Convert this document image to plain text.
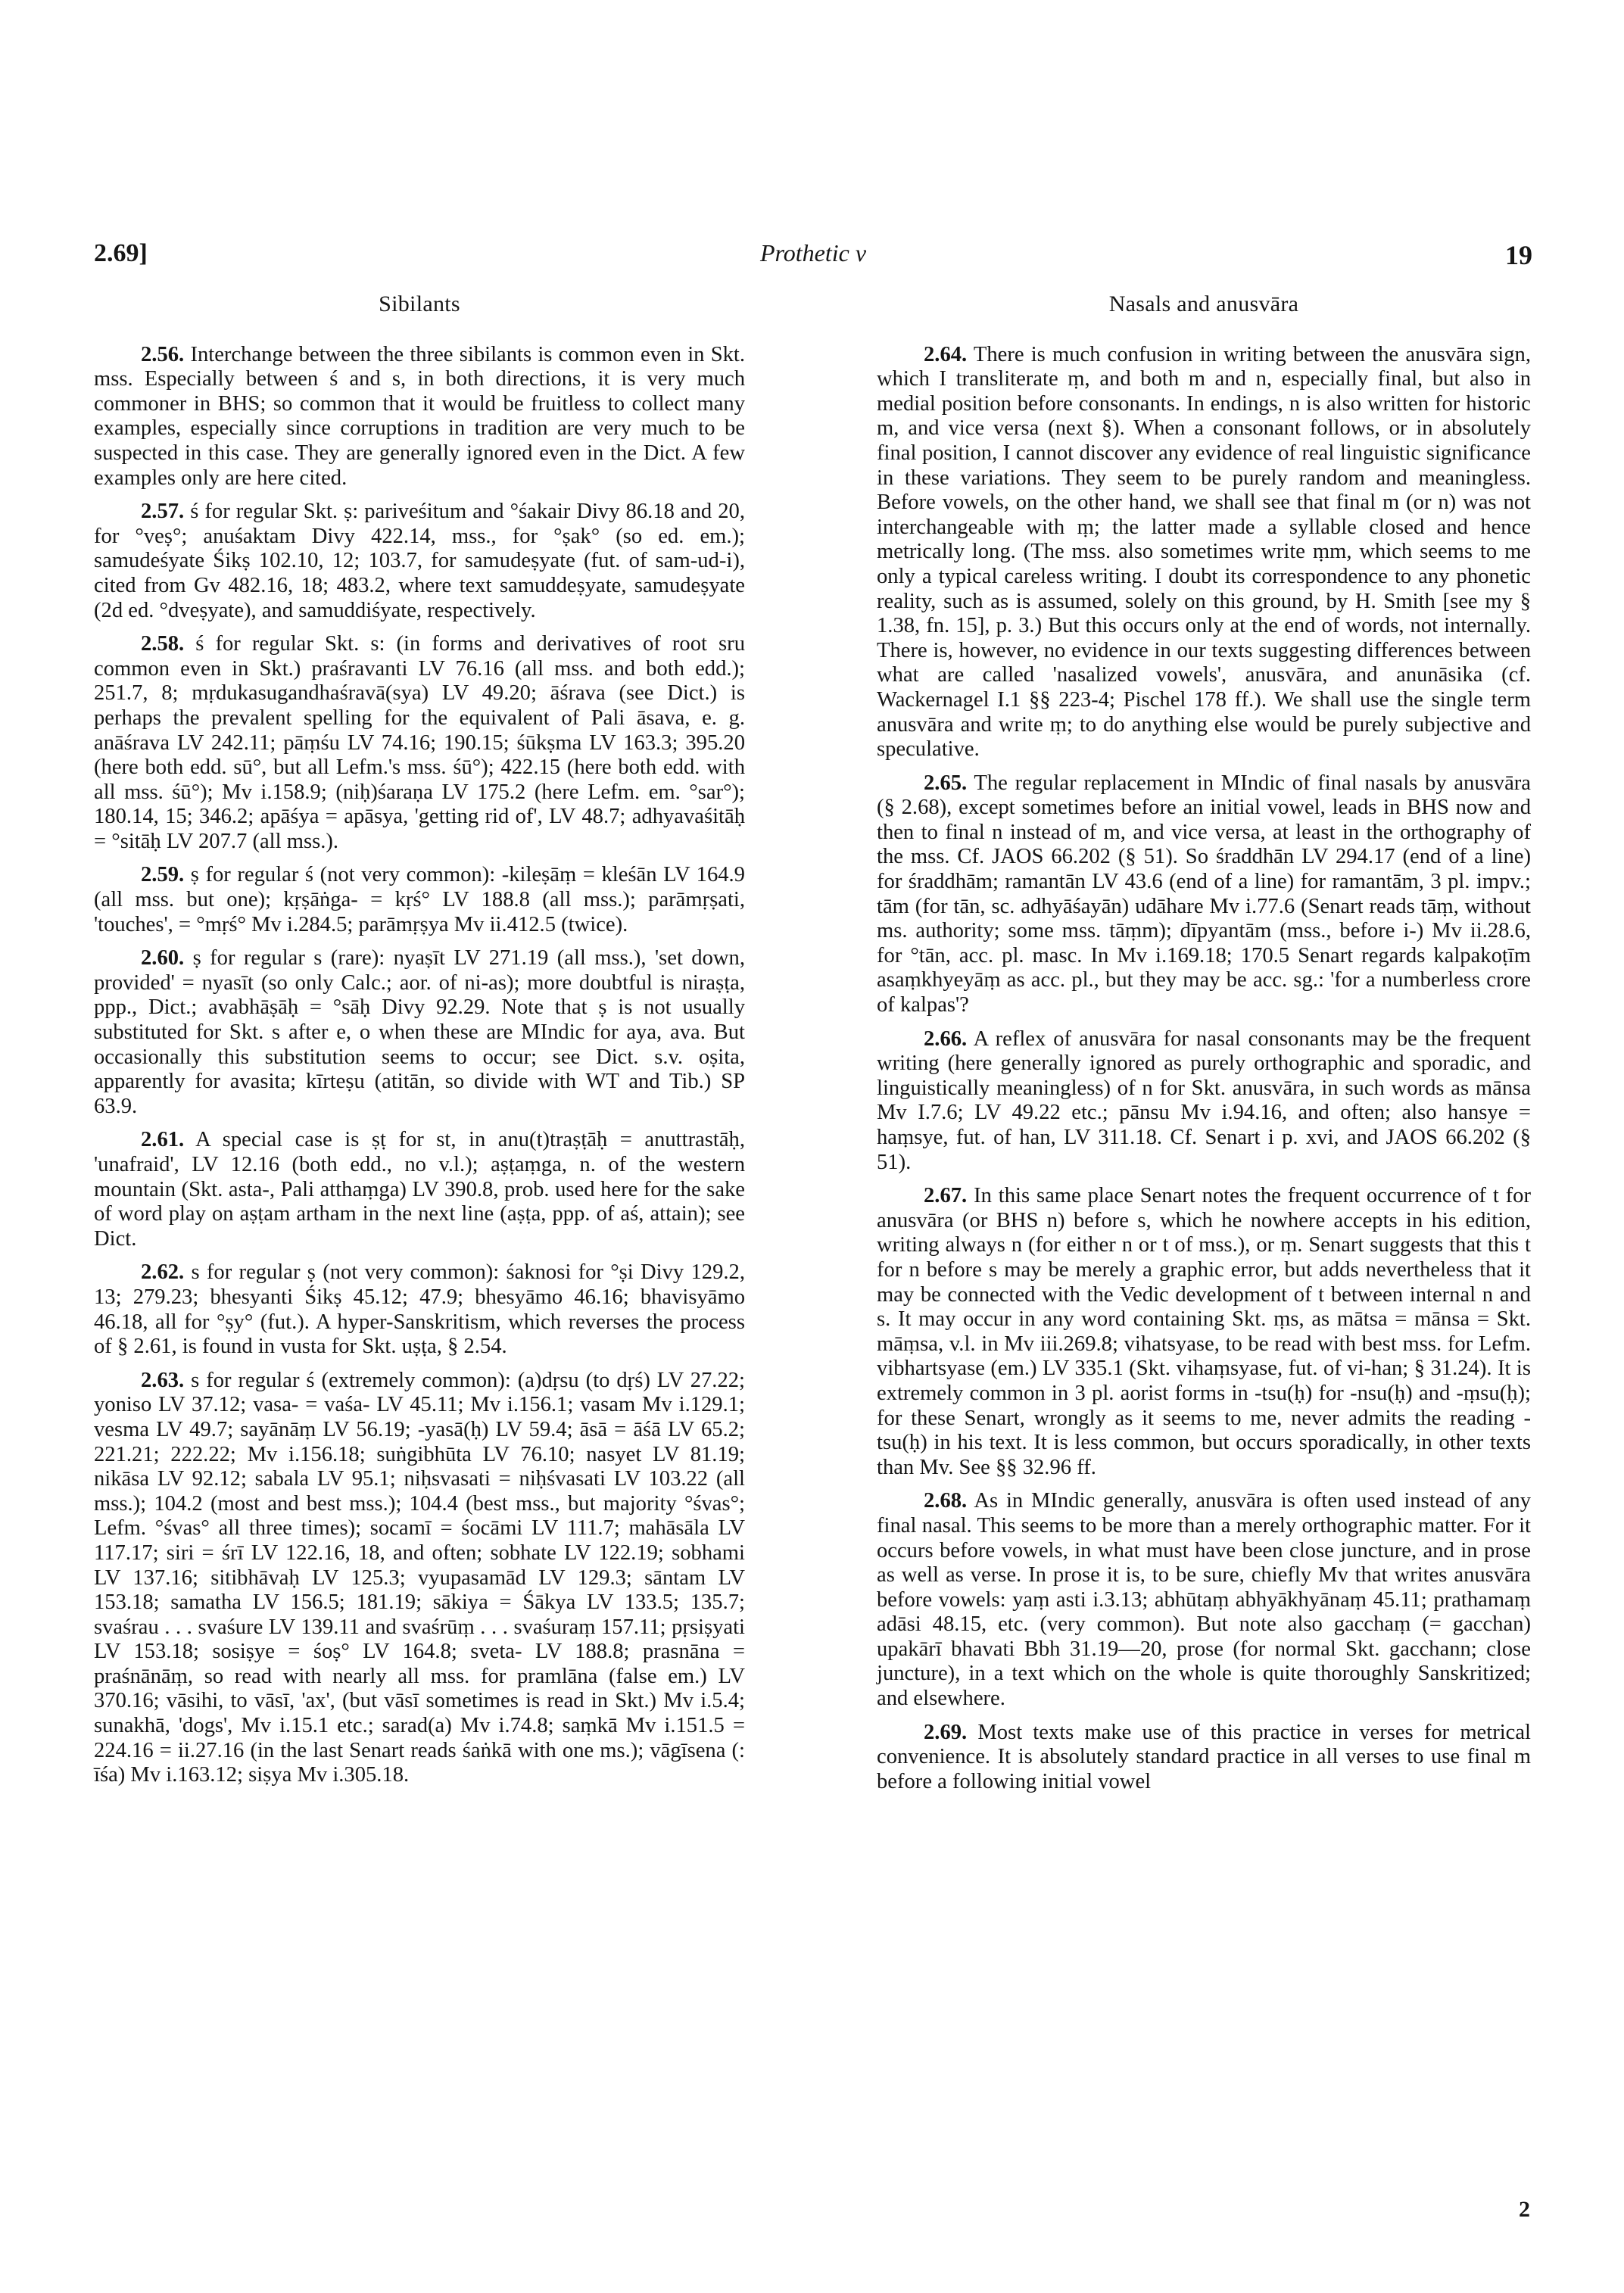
2.69]	Prothetic v	19
Sibilants

2.56. Interchange between the three sibilants is common even in Skt. mss. Especially between ś and s, in both directions, it is very much commoner in BHS; so common that it would be fruitless to collect many examples, especially since corruptions in tradition are very much to be suspected in this case. They are generally ignored even in the Dict. A few examples only are here cited.

2.57. ś for regular Skt. ṣ: pariveśitum and °śakair Divy 86.18 and 20, for °veṣ°; anuśaktam Divy 422.14, mss., for °ṣak° (so ed. em.); samudeśyate Śikṣ 102.10, 12; 103.7, for samudeṣyate (fut. of sam-ud-i), cited from Gv 482.16, 18; 483.2, where text samuddeṣyate, samudeṣyate (2d ed. °dveṣyate), and samuddiśyate, respectively.

2.58. ś for regular Skt. s: (in forms and derivatives of root sru common even in Skt.) praśravanti LV 76.16 (all mss. and both edd.); 251.7, 8; mṛdukasugandhaśravā(sya) LV 49.20; āśrava (see Dict.) is perhaps the prevalent spelling for the equivalent of Pali āsava, e. g. anāśrava LV 242.11; pāṃśu LV 74.16; 190.15; śūkṣma LV 163.3; 395.20 (here both edd. sū°, but all Lefm.'s mss. śū°); 422.15 (here both edd. with all mss. śū°); Mv i.158.9; (niḥ)śaraṇa LV 175.2 (here Lefm. em. °sar°); 180.14, 15; 346.2; apāśya = apāsya, 'getting rid of', LV 48.7; adhyavaśitāḥ = °sitāḥ LV 207.7 (all mss.).

2.59. ṣ for regular ś (not very common): -kileṣāṃ = kleśān LV 164.9 (all mss. but one); kṛṣāṅga- = kṛś° LV 188.8 (all mss.); parāmṛṣati, 'touches', = °mṛś° Mv i.284.5; parāmṛṣya Mv ii.412.5 (twice).

2.60. ṣ for regular s (rare): nyaṣīt LV 271.19 (all mss.), 'set down, provided' = nyasīt (so only Calc.; aor. of ni-as); more doubtful is niraṣṭa, ppp., Dict.; avabhāṣāḥ = °sāḥ Divy 92.29. Note that ṣ is not usually substituted for Skt. s after e, o when these are MIndic for aya, ava. But occasionally this substitution seems to occur; see Dict. s.v. oṣita, apparently for avasita; kīrteṣu (atitān, so divide with WT and Tib.) SP 63.9.

2.61. A special case is ṣṭ for st, in anu(t)traṣṭāḥ = anuttrastāḥ, 'unafraid', LV 12.16 (both edd., no v.l.); aṣṭaṃga, n. of the western mountain (Skt. asta-, Pali atthaṃga) LV 390.8, prob. used here for the sake of word play on aṣṭam artham in the next line (aṣṭa, ppp. of aś, attain); see Dict.

2.62. s for regular ṣ (not very common): śaknosi for °ṣi Divy 129.2, 13; 279.23; bhesyanti Śikṣ 45.12; 47.9; bhesyāmo 46.16; bhavisyāmo 46.18, all for °ṣy° (fut.). A hyper-Sanskritism, which reverses the process of § 2.61, is found in vusta for Skt. uṣṭa, § 2.54.

2.63. s for regular ś (extremely common): (a)dṛsu (to dṛś) LV 27.22; yoniso LV 37.12; vasa- = vaśa- LV 45.11; Mv i.156.1; vasam Mv i.129.1; vesma LV 49.7; sayānāṃ LV 56.19; -yasā(ḥ) LV 59.4; āsā = āśā LV 65.2; 221.21; 222.22; Mv i.156.18; suṅgibhūta LV 76.10; nasyet LV 81.19; nikāsa LV 92.12; sabala LV 95.1; niḥsvasati = niḥśvasati LV 103.22 (all mss.); 104.2 (most and best mss.); 104.4 (best mss., but majority °śvas°; Lefm. °śvas° all three times); socamī = śocāmi LV 111.7; mahāsāla LV 117.17; siri = śrī LV 122.16, 18, and often; sobhate LV 122.19; sobhami LV 137.16; sitibhāvaḥ LV 125.3; vyupasamād LV 129.3; sāntam LV 153.18; samatha LV 156.5; 181.19; sākiya = Śākya LV 133.5; 135.7; svaśrau . . . svaśure LV 139.11 and svaśrūṃ . . . svaśuraṃ 157.11; pṛsiṣyati LV 153.18; sosiṣye = śoṣ° LV 164.8; sveta- LV 188.8; prasnāna = praśnānāṃ, so read with nearly all mss. for pramlāna (false em.) LV 370.16; vāsihi, to vāsī, 'ax', (but vāsī sometimes is read in Skt.) Mv i.5.4; sunakhā, 'dogs', Mv i.15.1 etc.; sarad(a) Mv i.74.8; saṃkā Mv i.151.5 = 224.16 = ii.27.16 (in the last Senart reads śaṅkā with one ms.); vāgīsena (: īśa) Mv i.163.12; siṣya Mv i.305.18.

Nasals and anusvāra

2.64. There is much confusion in writing between the anusvāra sign, which I transliterate ṃ, and both m and n, especially final, but also in medial position before consonants. In endings, n is also written for historic m, and vice versa (next §). When a consonant follows, or in absolutely final position, I cannot discover any evidence of real linguistic significance in these variations. They seem to be purely random and meaningless. Before vowels, on the other hand, we shall see that final m (or n) was not interchangeable with ṃ; the latter made a syllable closed and hence metrically long. (The mss. also sometimes write ṃm, which seems to me only a typical careless writing. I doubt its correspondence to any phonetic reality, such as is assumed, solely on this ground, by H. Smith [see my § 1.38, fn. 15], p. 3.) But this occurs only at the end of words, not internally. There is, however, no evidence in our texts suggesting differences between what are called 'nasalized vowels', anusvāra, and anunāsika (cf. Wackernagel I.1 §§ 223-4; Pischel 178 ff.). We shall use the single term anusvāra and write ṃ; to do anything else would be purely subjective and speculative.

2.65. The regular replacement in MIndic of final nasals by anusvāra (§ 2.68), except sometimes before an initial vowel, leads in BHS now and then to final n instead of m, and vice versa, at least in the orthography of the mss. Cf. JAOS 66.202 (§ 51). So śraddhān LV 294.17 (end of a line) for śraddhām; ramantān LV 43.6 (end of a line) for ramantām, 3 pl. impv.; tām (for tān, sc. adhyāśayān) udāhare Mv i.77.6 (Senart reads tāṃ, without ms. authority; some mss. tāṃm); dīpyantām (mss., before i-) Mv ii.28.6, for °tān, acc. pl. masc. In Mv i.169.18; 170.5 Senart regards kalpakoṭīm asaṃkhyeyāṃ as acc. pl., but they may be acc. sg.: 'for a numberless crore of kalpas'?

2.66. A reflex of anusvāra for nasal consonants may be the frequent writing (here generally ignored as purely orthographic and sporadic, and linguistically meaningless) of n for Skt. anusvāra, in such words as mānsa Mv I.7.6; LV 49.22 etc.; pānsu Mv i.94.16, and often; also hansye = haṃsye, fut. of han, LV 311.18. Cf. Senart i p. xvi, and JAOS 66.202 (§ 51).

2.67. In this same place Senart notes the frequent occurrence of t for anusvāra (or BHS n) before s, which he nowhere accepts in his edition, writing always n (for either n or t of mss.), or ṃ. Senart suggests that this t for n before s may be merely a graphic error, but adds nevertheless that it may be connected with the Vedic development of t between internal n and s. It may occur in any word containing Skt. ṃs, as mātsa = mānsa = Skt. māṃsa, v.l. in Mv iii.269.8; vihatsyase, to be read with best mss. for Lefm. vibhartsyase (em.) LV 335.1 (Skt. vihaṃsyase, fut. of vi-han; § 31.24). It is extremely common in 3 pl. aorist forms in -tsu(ḥ) for -nsu(ḥ) and -ṃsu(ḥ); for these Senart, wrongly as it seems to me, never admits the reading -tsu(ḥ) in his text. It is less common, but occurs sporadically, in other texts than Mv. See §§ 32.96 ff.

2.68. As in MIndic generally, anusvāra is often used instead of any final nasal. This seems to be more than a merely orthographic matter. For it occurs before vowels, in what must have been close juncture, and in prose as well as verse. In prose it is, to be sure, chiefly Mv that writes anusvāra before vowels: yaṃ asti i.3.13; abhūtaṃ abhyākhyānaṃ 45.11; prathamaṃ adāsi 48.15, etc. (very common). But note also gacchaṃ (= gacchan) upakārī bhavati Bbh 31.19—20, prose (for normal Skt. gacchann; close juncture), in a text which on the whole is quite thoroughly Sanskritized; and elsewhere.

2.69. Most texts make use of this practice in verses for metrical convenience. It is absolutely standard practice in all verses to use final m before a following initial vowel

2
